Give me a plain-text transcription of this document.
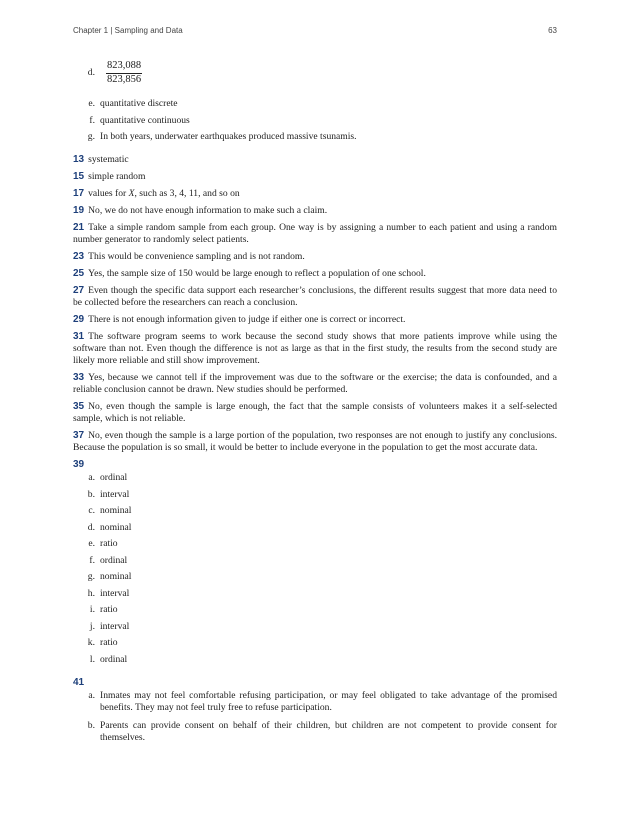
Chapter 1 | Sampling and Data	63
d.	$\frac{823,088}{823,856}$
e. quantitative discrete
f. quantitative continuous
g. In both years, underwater earthquakes produced massive tsunamis.
13 systematic
15 simple random
17 values for X, such as 3, 4, 11, and so on
19 No, we do not have enough information to make such a claim.
21 Take a simple random sample from each group. One way is by assigning a number to each patient and using a random number generator to randomly select patients.
23 This would be convenience sampling and is not random.
25 Yes, the sample size of 150 would be large enough to reflect a population of one school.
27 Even though the specific data support each researcher’s conclusions, the different results suggest that more data need to be collected before the researchers can reach a conclusion.
29 There is not enough information given to judge if either one is correct or incorrect.
31 The software program seems to work because the second study shows that more patients improve while using the software than not. Even though the difference is not as large as that in the first study, the results from the second study are likely more reliable and still show improvement.
33 Yes, because we cannot tell if the improvement was due to the software or the exercise; the data is confounded, and a reliable conclusion cannot be drawn. New studies should be performed.
35 No, even though the sample is large enough, the fact that the sample consists of volunteers makes it a self-selected sample, which is not reliable.
37 No, even though the sample is a large portion of the population, two responses are not enough to justify any conclusions. Because the population is so small, it would be better to include everyone in the population to get the most accurate data.
39
a. ordinal
b. interval
c. nominal
d. nominal
e. ratio
f. ordinal
g. nominal
h. interval
i. ratio
j. interval
k. ratio
l. ordinal
41
a. Inmates may not feel comfortable refusing participation, or may feel obligated to take advantage of the promised benefits. They may not feel truly free to refuse participation.
b. Parents can provide consent on behalf of their children, but children are not competent to provide consent for themselves.
